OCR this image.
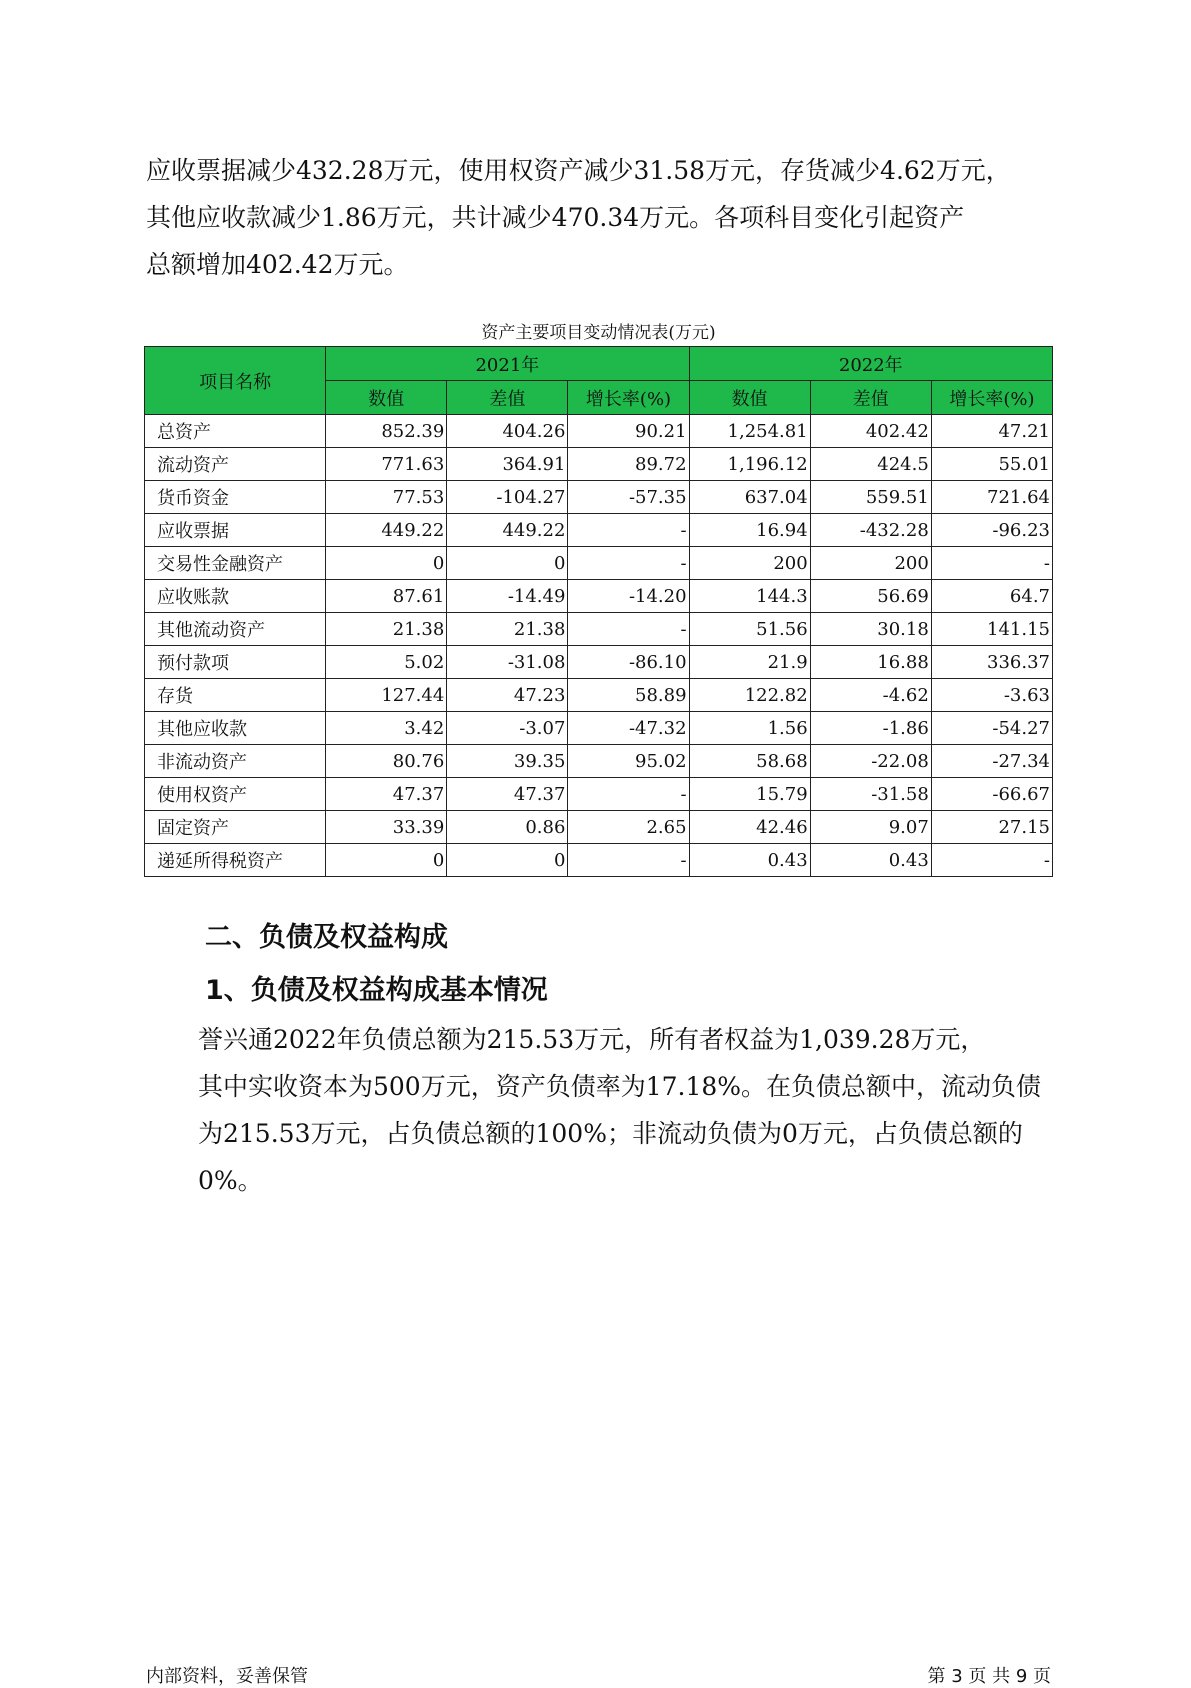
应收票据减少432.28万元，使用权资产减少31.58万元，存货减少4.62万元，
其他应收款减少1.86万元，共计减少470.34万元。各项科目变化引起资产
总额增加402.42万元。

资产主要项目变动情况表(万元)
项目名称	2021年			2022年		
	数值	差值	增长率(%)	数值	差值	增长率(%)
总资产	852.39	404.26	90.21	1,254.81	402.42	47.21
流动资产	771.63	364.91	89.72	1,196.12	424.5	55.01
货币资金	77.53	-104.27	-57.35	637.04	559.51	721.64
应收票据	449.22	449.22	-	16.94	-432.28	-96.23
交易性金融资产	0	0	-	200	200	-
应收账款	87.61	-14.49	-14.20	144.3	56.69	64.7
其他流动资产	21.38	21.38	-	51.56	30.18	141.15
预付款项	5.02	-31.08	-86.10	21.9	16.88	336.37
存货	127.44	47.23	58.89	122.82	-4.62	-3.63
其他应收款	3.42	-3.07	-47.32	1.56	-1.86	-54.27
非流动资产	80.76	39.35	95.02	58.68	-22.08	-27.34
使用权资产	47.37	47.37	-	15.79	-31.58	-66.67
固定资产	33.39	0.86	2.65	42.46	9.07	27.15
递延所得税资产	0	0	-	0.43	0.43	-
二、负债及权益构成
1、负债及权益构成基本情况

誉兴通2022年负债总额为215.53万元，所有者权益为1,039.28万元，
其中实收资本为500万元，资产负债率为17.18%。在负债总额中，流动负债
为215.53万元，占负债总额的100%；非流动负债为0万元，占负债总额的
0%。

内部资料，妥善保管	第 3 页 共 9 页
